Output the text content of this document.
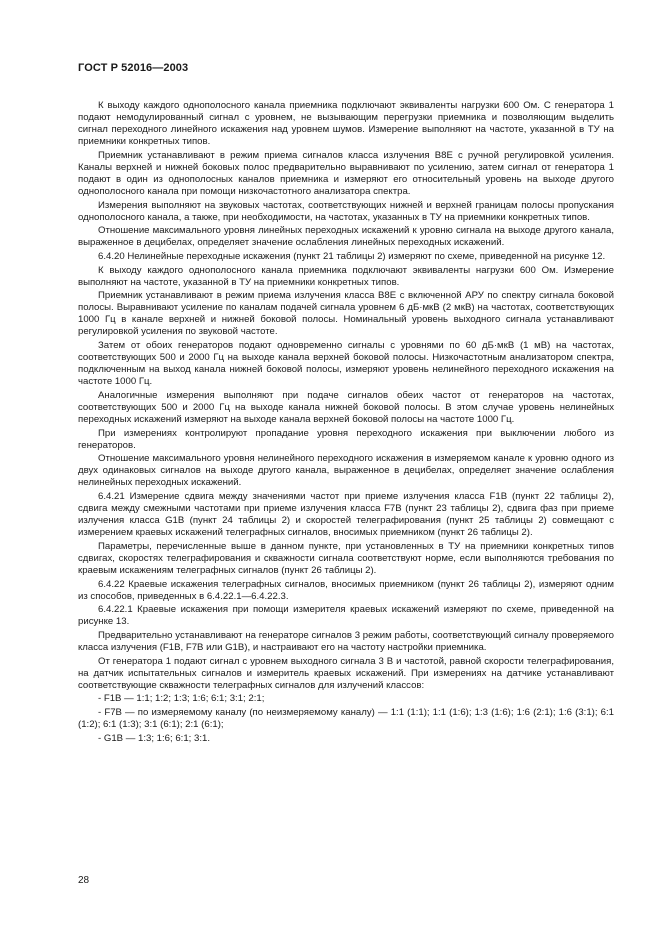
ГОСТ Р 52016—2003

К выходу каждого однополосного канала приемника подключают эквиваленты нагрузки 600 Ом. С генератора 1 подают немодулированный сигнал с уровнем, не вызывающим перегрузки приемника и позволяющим выделить сигнал переходного линейного искажения над уровнем шумов. Измерение выполняют на частоте, указанной в ТУ на приемники конкретных типов.

Приемник устанавливают в режим приема сигналов класса излучения В8Е с ручной регулировкой усиления. Каналы верхней и нижней боковых полос предварительно выравнивают по усилению, затем сигнал от генератора 1 подают в один из однополосных каналов приемника и измеряют его относительный уровень на выходе другого однополосного канала при помощи низкочастотного анализатора спектра.

Измерения выполняют на звуковых частотах, соответствующих нижней и верхней границам полосы пропускания однополосного канала, а также, при необходимости, на частотах, указанных в ТУ на приемники конкретных типов.

Отношение максимального уровня линейных переходных искажений к уровню сигнала на выходе другого канала, выраженное в децибелах, определяет значение ослабления линейных переходных искажений.

6.4.20 Нелинейные переходные искажения (пункт 21 таблицы 2) измеряют по схеме, приведенной на рисунке 12.

К выходу каждого однополосного канала приемника подключают эквиваленты нагрузки 600 Ом. Измерение выполняют на частоте, указанной в ТУ на приемники конкретных типов.

Приемник устанавливают в режим приема излучения класса В8Е с включенной АРУ по спектру сигнала боковой полосы. Выравнивают усиление по каналам подачей сигнала уровнем 6 дБ·мкВ (2 мкВ) на частотах, соответствующих 1000 Гц в канале верхней и нижней боковой полосы. Номинальный уровень выходного сигнала устанавливают регулировкой усиления по звуковой частоте.

Затем от обоих генераторов подают одновременно сигналы с уровнями по 60 дБ·мкВ (1 мВ) на частотах, соответствующих 500 и 2000 Гц на выходе канала верхней боковой полосы. Низкочастотным анализатором спектра, подключенным на выход канала нижней боковой полосы, измеряют уровень нелинейного переходного искажения на частоте 1000 Гц.

Аналогичные измерения выполняют при подаче сигналов обеих частот от генераторов на частотах, соответствующих 500 и 2000 Гц на выходе канала нижней боковой полосы. В этом случае уровень нелинейных переходных искажений измеряют на выходе канала верхней боковой полосы на частоте 1000 Гц.

При измерениях контролируют пропадание уровня переходного искажения при выключении любого из генераторов.

Отношение максимального уровня нелинейного переходного искажения в измеряемом канале к уровню одного из двух одинаковых сигналов на выходе другого канала, выраженное в децибелах, определяет значение ослабления нелинейных переходных искажений.

6.4.21 Измерение сдвига между значениями частот при приеме излучения класса F1B (пункт 22 таблицы 2), сдвига между смежными частотами при приеме излучения класса F7B (пункт 23 таблицы 2), сдвига фаз при приеме излучения класса G1B (пункт 24 таблицы 2) и скоростей телеграфирования (пункт 25 таблицы 2) совмещают с измерением краевых искажений телеграфных сигналов, вносимых приемником (пункт 26 таблицы 2).

Параметры, перечисленные выше в данном пункте, при установленных в ТУ на приемники конкретных типов сдвигах, скоростях телеграфирования и скважности сигнала соответствуют норме, если выполняются требования по краевым искажениям телеграфных сигналов (пункт 26 таблицы 2).

6.4.22 Краевые искажения телеграфных сигналов, вносимых приемником (пункт 26 таблицы 2), измеряют одним из способов, приведенных в 6.4.22.1—6.4.22.3.

6.4.22.1 Краевые искажения при помощи измерителя краевых искажений измеряют по схеме, приведенной на рисунке 13.

Предварительно устанавливают на генераторе сигналов 3 режим работы, соответствующий сигналу проверяемого класса излучения (F1B, F7B или G1B), и настраивают его на частоту настройки приемника.

От генератора 1 подают сигнал с уровнем выходного сигнала 3 В и частотой, равной скорости телеграфирования, на датчик испытательных сигналов и измеритель краевых искажений. При измерениях на датчике устанавливают соответствующие скважности телеграфных сигналов для излучений классов:

- F1B — 1:1; 1:2; 1:3; 1:6; 6:1; 3:1; 2:1;

- F7B — по измеряемому каналу (по неизмеряемому каналу) — 1:1 (1:1); 1:1 (1:6); 1:3 (1:6); 1:6 (2:1); 1:6 (3:1); 6:1 (1:2); 6:1 (1:3); 3:1 (6:1); 2:1 (6:1);

- G1B — 1:3; 1:6; 6:1; 3:1.

28
